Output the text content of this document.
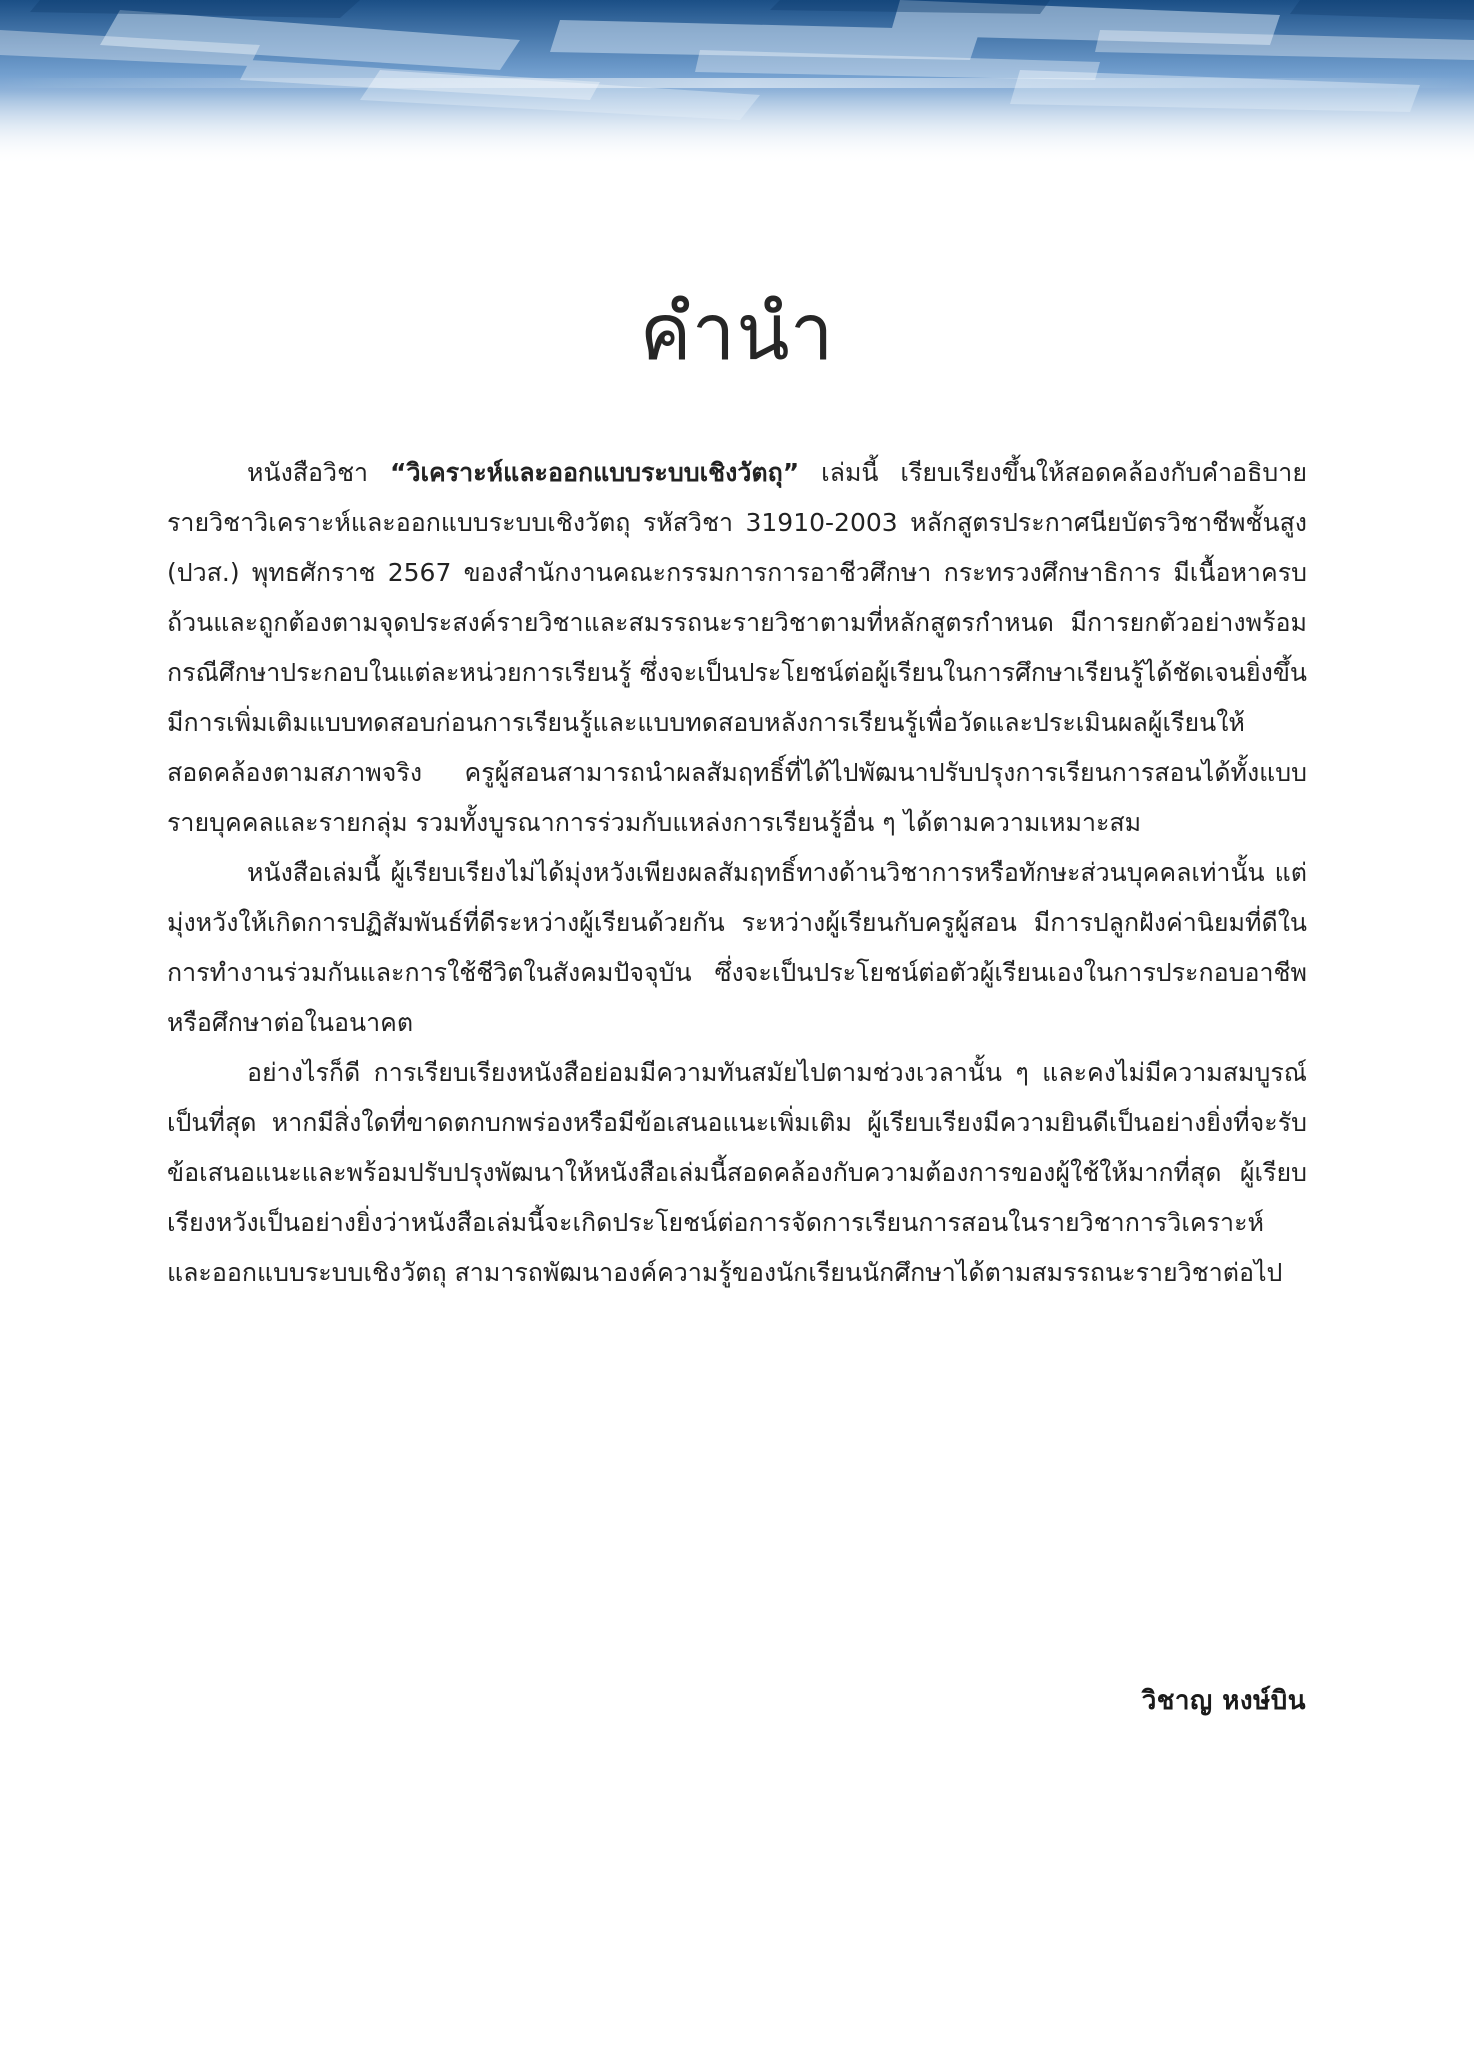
คำนำ

หนังสือวิชา “วิเคราะห์และออกแบบระบบเชิงวัตถุ” เล่มนี้ เรียบเรียงขึ้นให้สอดคล้องกับคำอธิบายรายวิชาวิเคราะห์และออกแบบระบบเชิงวัตถุ รหัสวิชา 31910-2003 หลักสูตรประกาศนียบัตรวิชาชีพชั้นสูง (ปวส.) พุทธศักราช 2567 ของสำนักงานคณะกรรมการการอาชีวศึกษา กระทรวงศึกษาธิการ มีเนื้อหาครบถ้วนและถูกต้องตามจุดประสงค์รายวิชาและสมรรถนะรายวิชาตามที่หลักสูตรกำหนด มีการยกตัวอย่างพร้อมกรณีศึกษาประกอบในแต่ละหน่วยการเรียนรู้ ซึ่งจะเป็นประโยชน์ต่อผู้เรียนในการศึกษาเรียนรู้ได้ชัดเจนยิ่งขึ้น มีการเพิ่มเติมแบบทดสอบก่อนการเรียนรู้และแบบทดสอบหลังการเรียนรู้เพื่อวัดและประเมินผลผู้เรียนให้สอดคล้องตามสภาพจริง ครูผู้สอนสามารถนำผลสัมฤทธิ์ที่ได้ไปพัฒนาปรับปรุงการเรียนการสอนได้ทั้งแบบรายบุคคลและรายกลุ่ม รวมทั้งบูรณาการร่วมกับแหล่งการเรียนรู้อื่น ๆ ได้ตามความเหมาะสม

หนังสือเล่มนี้ ผู้เรียบเรียงไม่ได้มุ่งหวังเพียงผลสัมฤทธิ์ทางด้านวิชาการหรือทักษะส่วนบุคคลเท่านั้น แต่มุ่งหวังให้เกิดการปฏิสัมพันธ์ที่ดีระหว่างผู้เรียนด้วยกัน ระหว่างผู้เรียนกับครูผู้สอน มีการปลูกฝังค่านิยมที่ดีในการทำงานร่วมกันและการใช้ชีวิตในสังคมปัจจุบัน ซึ่งจะเป็นประโยชน์ต่อตัวผู้เรียนเองในการประกอบอาชีพหรือศึกษาต่อในอนาคต

อย่างไรก็ดี การเรียบเรียงหนังสือย่อมมีความทันสมัยไปตามช่วงเวลานั้น ๆ และคงไม่มีความสมบูรณ์เป็นที่สุด หากมีสิ่งใดที่ขาดตกบกพร่องหรือมีข้อเสนอแนะเพิ่มเติม ผู้เรียบเรียงมีความยินดีเป็นอย่างยิ่งที่จะรับข้อเสนอแนะและพร้อมปรับปรุงพัฒนาให้หนังสือเล่มนี้สอดคล้องกับความต้องการของผู้ใช้ให้มากที่สุด ผู้เรียบเรียงหวังเป็นอย่างยิ่งว่าหนังสือเล่มนี้จะเกิดประโยชน์ต่อการจัดการเรียนการสอนในรายวิชาการวิเคราะห์และออกแบบระบบเชิงวัตถุ สามารถพัฒนาองค์ความรู้ของนักเรียนนักศึกษาได้ตามสมรรถนะรายวิชาต่อไป

วิชาญ หงษ์บิน
